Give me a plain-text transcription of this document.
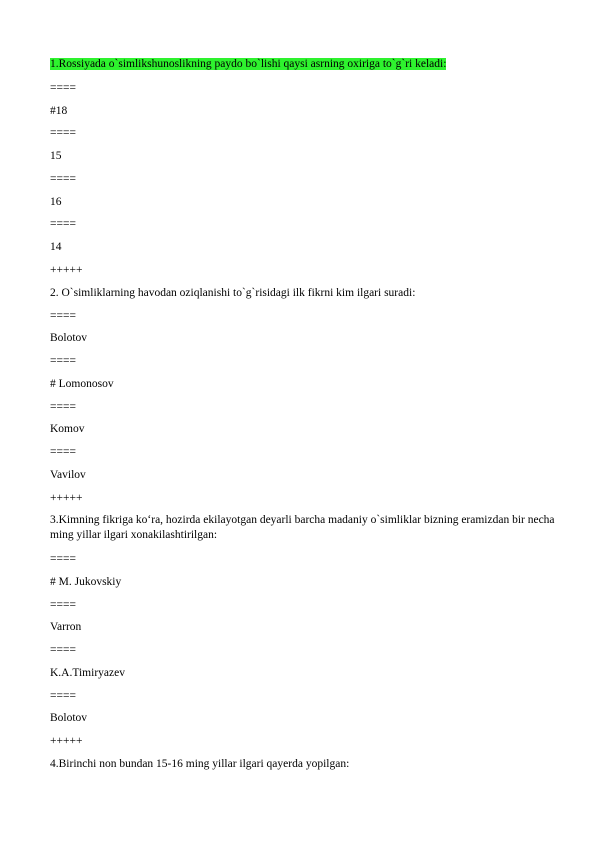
1.Rossiyada o`simlikshunoslikning paydo bo`lishi qaysi asrning oxiriga to`g`ri keladi:
====
#18
====
15
====
16
====
14
+++++
2. O`simliklarning havodan oziqlanishi to`g`risidagi ilk fikrni kim ilgari suradi:
====
Bolotov
====
# Lomonosov
====
Komov
====
Vavilov
+++++
3.Kimning fikriga ko‘ra, hozirda ekilayotgan deyarli barcha madaniy o`simliklar bizning eramizdan bir necha ming yillar ilgari xonakilashtirilgan:
====
# M. Jukovskiy
====
Varron
====
K.A.Timiryazev
====
Bolotov
+++++
4.Birinchi non bundan 15-16 ming yillar ilgari qayerda yopilgan:
